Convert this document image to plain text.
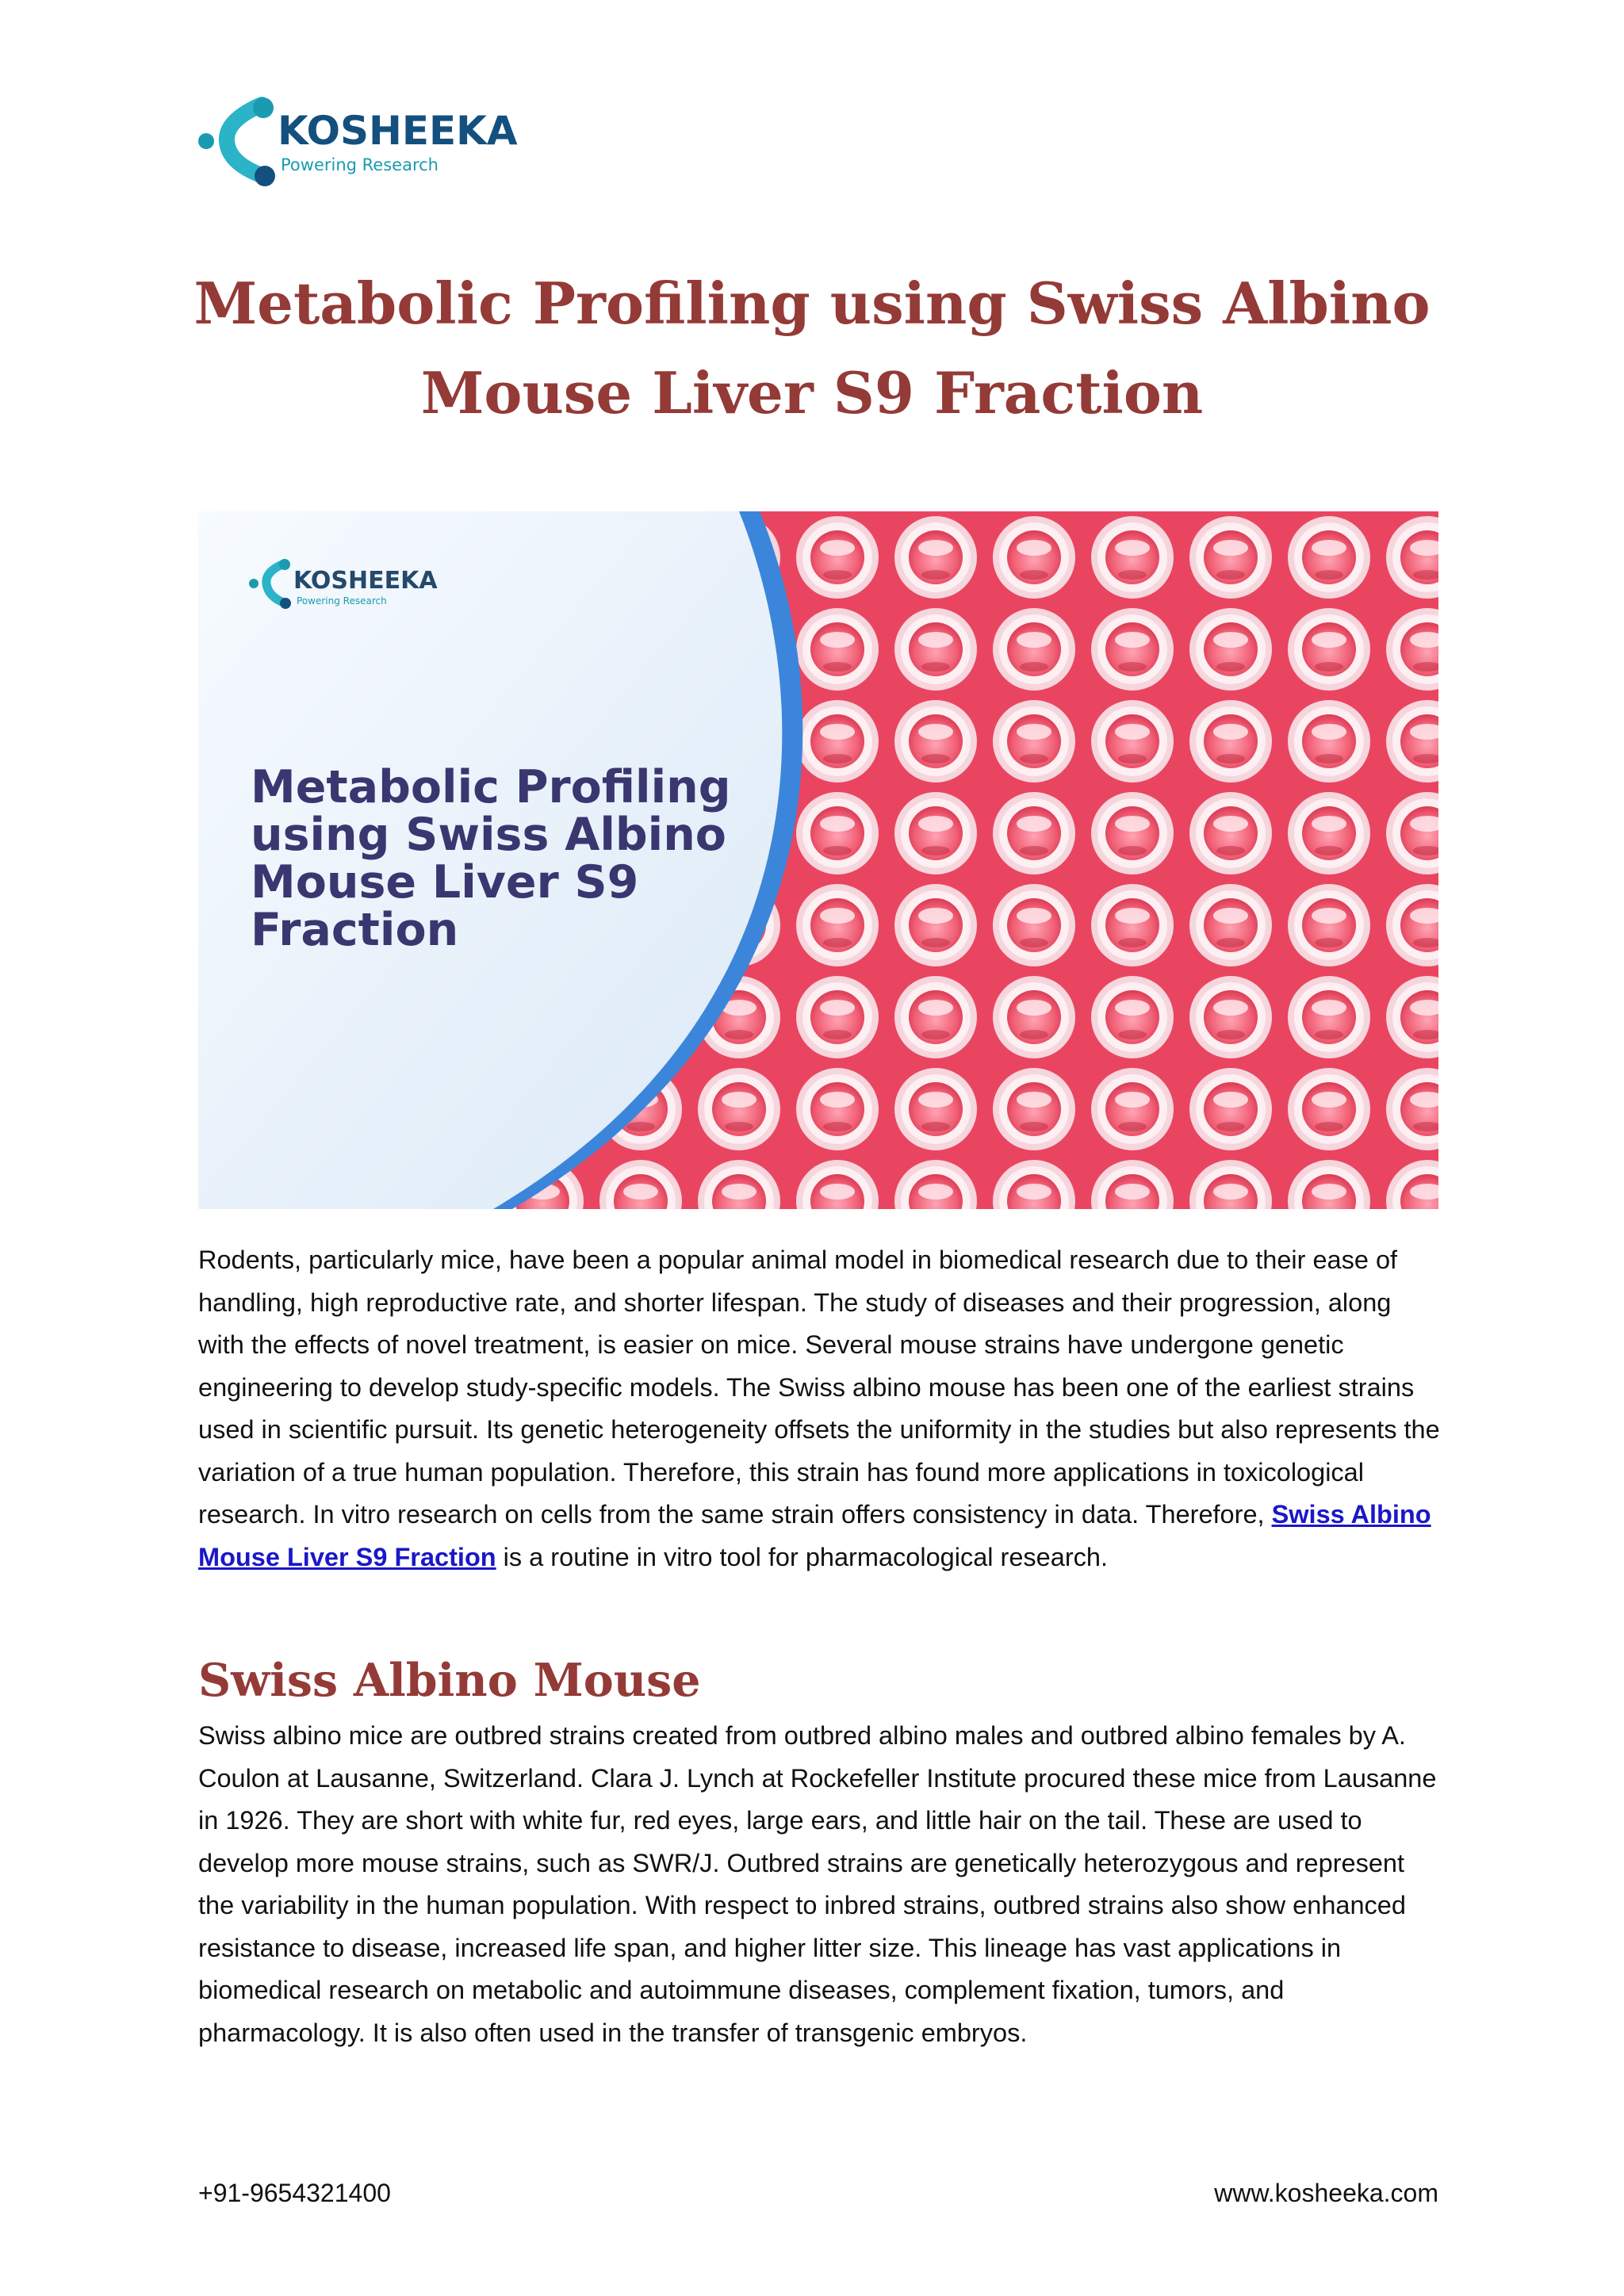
KOSHEEKA
Powering Research
Metabolic Profiling using Swiss Albino Mouse Liver S9 Fraction
KOSHEEKA
Powering Research
Metabolic Profiling using Swiss Albino Mouse Liver S9 Fraction

Rodents, particularly mice, have been a popular animal model in biomedical research due to their ease of handling, high reproductive rate, and shorter lifespan. The study of diseases and their progression, along with the effects of novel treatment, is easier on mice. Several mouse strains have undergone genetic engineering to develop study-specific models. The Swiss albino mouse has been one of the earliest strains used in scientific pursuit. Its genetic heterogeneity offsets the uniformity in the studies but also represents the variation of a true human population. Therefore, this strain has found more applications in toxicological research. In vitro research on cells from the same strain offers consistency in data. Therefore, Swiss Albino Mouse Liver S9 Fraction is a routine in vitro tool for pharmacological research.

Swiss Albino Mouse

Swiss albino mice are outbred strains created from outbred albino males and outbred albino females by A. Coulon at Lausanne, Switzerland. Clara J. Lynch at Rockefeller Institute procured these mice from Lausanne in 1926. They are short with white fur, red eyes, large ears, and little hair on the tail. These are used to develop more mouse strains, such as SWR/J. Outbred strains are genetically heterozygous and represent the variability in the human population. With respect to inbred strains, outbred strains also show enhanced resistance to disease, increased life span, and higher litter size. This lineage has vast applications in biomedical research on metabolic and autoimmune diseases, complement fixation, tumors, and pharmacology. It is also often used in the transfer of transgenic embryos.

+91-9654321400	www.kosheeka.com
